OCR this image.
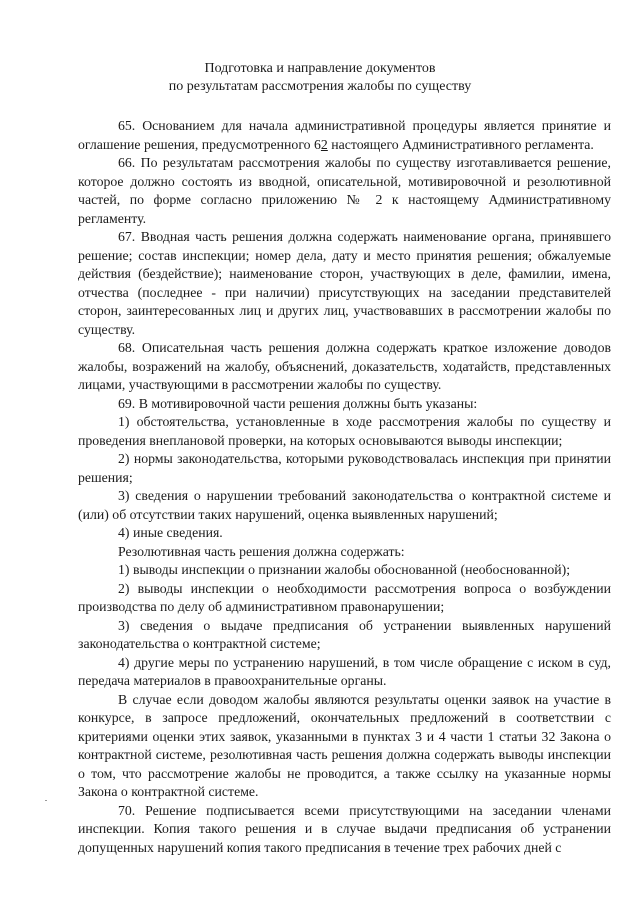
Подготовка и направление документов
по результатам рассмотрения жалобы по существу

65. Основанием для начала административной процедуры является принятие и оглашение решения, предусмотренного 62 настоящего Административного регламента.

66. По результатам рассмотрения жалобы по существу изготавливается решение, которое должно состоять из вводной, описательной, мотивировочной и резолютивной частей, по форме согласно приложению № 2 к настоящему Административному регламенту.

67. Вводная часть решения должна содержать наименование органа, принявшего решение; состав инспекции; номер дела, дату и место принятия решения; обжалуемые действия (бездействие); наименование сторон, участвующих в деле, фамилии, имена, отчества (последнее - при наличии) присутствующих на заседании представителей сторон, заинтересованных лиц и других лиц, участвовавших в рассмотрении жалобы по существу.

68. Описательная часть решения должна содержать краткое изложение доводов жалобы, возражений на жалобу, объяснений, доказательств, ходатайств, представленных лицами, участвующими в рассмотрении жалобы по существу.

69. В мотивировочной части решения должны быть указаны:

1) обстоятельства, установленные в ходе рассмотрения жалобы по существу и проведения внеплановой проверки, на которых основываются выводы инспекции;

2) нормы законодательства, которыми руководствовалась инспекция при принятии решения;

3) сведения о нарушении требований законодательства о контрактной системе и (или) об отсутствии таких нарушений, оценка выявленных нарушений;

4) иные сведения.

Резолютивная часть решения должна содержать:

1) выводы инспекции о признании жалобы обоснованной (необоснованной);

2) выводы инспекции о необходимости рассмотрения вопроса о возбуждении производства по делу об административном правонарушении;

3) сведения о выдаче предписания об устранении выявленных нарушений законодательства о контрактной системе;

4) другие меры по устранению нарушений, в том числе обращение с иском в суд, передача материалов в правоохранительные органы.

В случае если доводом жалобы являются результаты оценки заявок на участие в конкурсе, в запросе предложений, окончательных предложений в соответствии с критериями оценки этих заявок, указанными в пунктах 3 и 4 части 1 статьи 32 Закона о контрактной системе, резолютивная часть решения должна содержать выводы инспекции о том, что рассмотрение жалобы не проводится, а также ссылку на указанные нормы Закона о контрактной системе.

70. Решение подписывается всеми присутствующими на заседании членами инспекции. Копия такого решения и в случае выдачи предписания об устранении допущенных нарушений копия такого предписания в течение трех рабочих дней с
